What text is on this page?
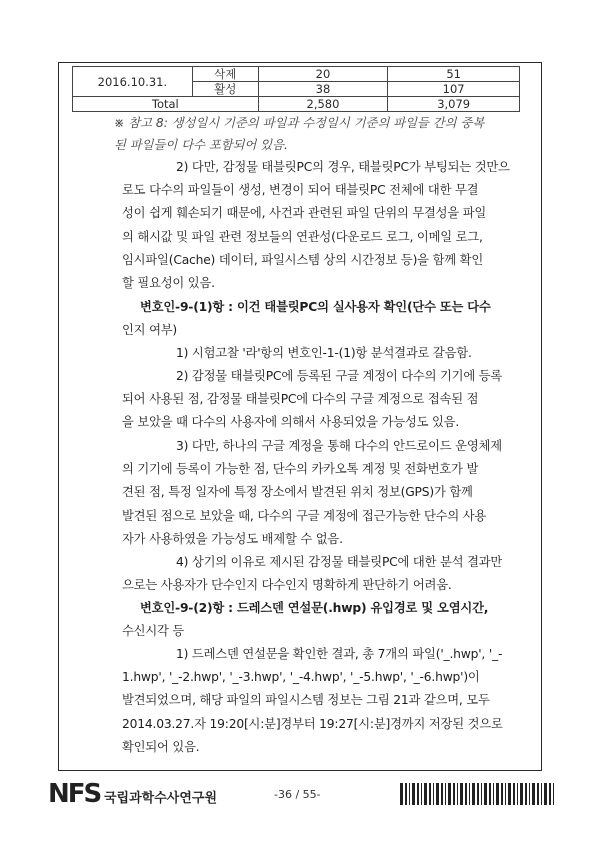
2016.10.31.	삭제	20	51
	활성	38	107
Total		2,580	3,079
※ 참고 8: 생성일시 기준의 파일과 수정일시 기준의 파일들 간의 중복
된 파일들이 다수 포함되어 있음.

2) 다만, 감정물 태블릿PC의 경우, 태블릿PC가 부팅되는 것만으

로도 다수의 파일들이 생성, 변경이 되어 태블릿PC 전체에 대한 무결

성이 쉽게 훼손되기 때문에, 사건과 관련된 파일 단위의 무결성을 파일

의 해시값 및 파일 관련 정보들의 연관성(다운로드 로그, 이메일 로그,

임시파일(Cache) 데이터, 파일시스템 상의 시간정보 등)을 함께 확인

할 필요성이 있음.

변호인-9-(1)항 : 이건 태블릿PC의 실사용자 확인(단수 또는 다수

인지 여부)

1) 시험고찰 '라'항의 변호인-1-(1)항 분석결과로 갈음함.

2) 감정물 태블릿PC에 등록된 구글 계정이 다수의 기기에 등록

되어 사용된 점, 감정물 태블릿PC에 다수의 구글 계정으로 접속된 점

을 보았을 때 다수의 사용자에 의해서 사용되었을 가능성도 있음.

3) 다만, 하나의 구글 계정을 통해 다수의 안드로이드 운영체제

의 기기에 등록이 가능한 점, 단수의 카카오톡 계정 및 전화번호가 발

견된 점, 특정 일자에 특정 장소에서 발견된 위치 정보(GPS)가 함께

발견된 점으로 보았을 때, 다수의 구글 계정에 접근가능한 단수의 사용

자가 사용하였을 가능성도 배제할 수 없음.

4) 상기의 이유로 제시된 감정물 태블릿PC에 대한 분석 결과만

으로는 사용자가 단수인지 다수인지 명확하게 판단하기 어려움.

변호인-9-(2)항 : 드레스덴 연설문(.hwp) 유입경로 및 오염시간,

수신시각 등

1) 드레스덴 연설문을 확인한 결과, 총 7개의 파일('_.hwp', '_-

1.hwp', '_-2.hwp', '_-3.hwp', '_-4.hwp', '_-5.hwp', '_-6.hwp')이

발견되었으며, 해당 파일의 파일시스템 정보는 그림 21과 같으며, 모두

2014.03.27.자 19:20[시:분]경부터 19:27[시:분]경까지 저장된 것으로

확인되어 있음.

NFS 국립과학수사연구원	-36 / 55-
